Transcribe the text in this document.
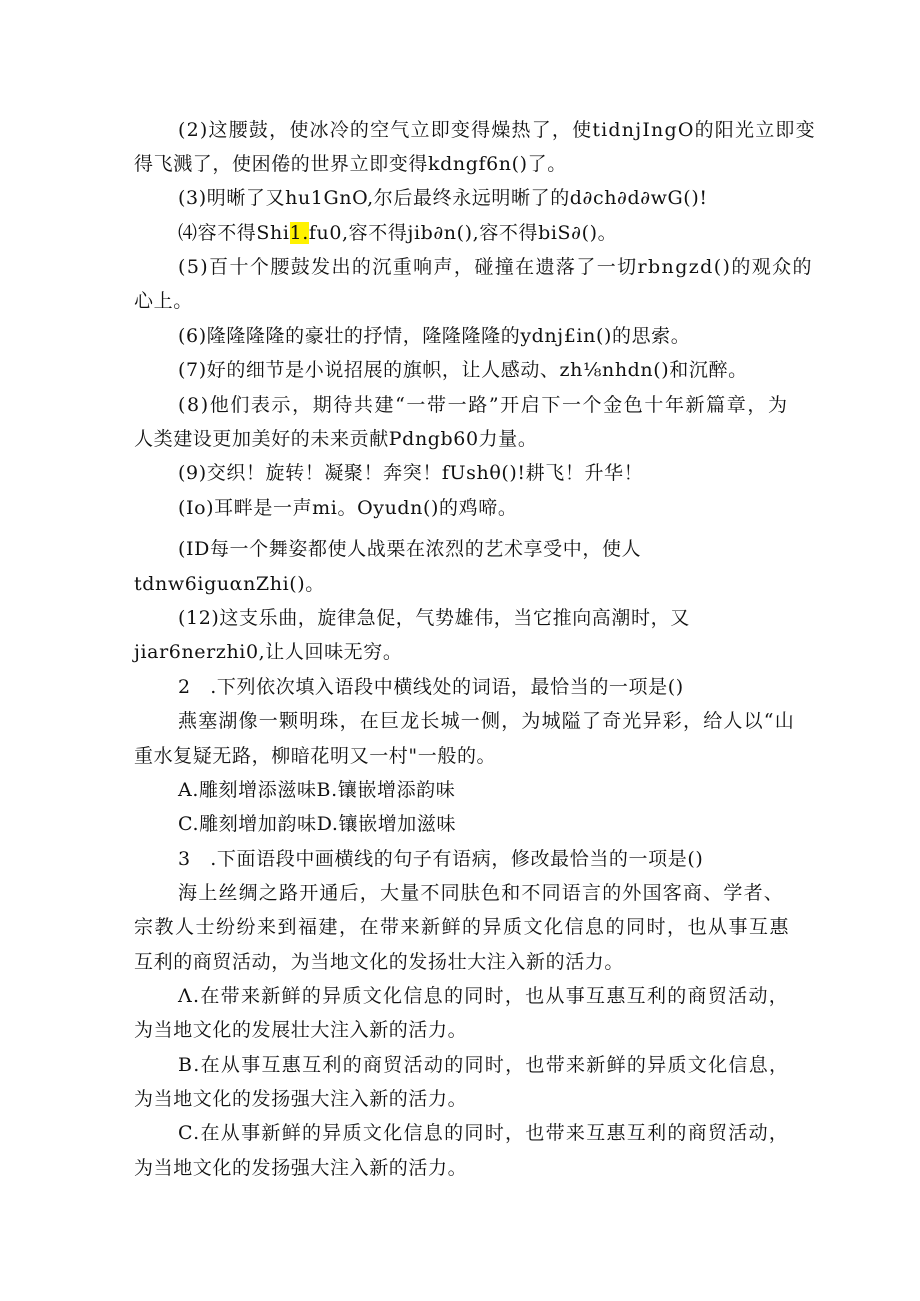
(2)这腰鼓，使冰冷的空气立即变得燥热了，使tidnjIngO的阳光立即变
得飞溅了，使困倦的世界立即变得kdngf6n()了。
(3)明晰了又hu1GnO,尔后最终永远明晰了的d∂ch∂d∂wG()!
⑷容不得Shi1.fu0,容不得jib∂n(),容不得biS∂()。
(5)百十个腰鼓发出的沉重响声，碰撞在遗落了一切rbngzd()的观众的
心上。
(6)隆隆隆隆的豪壮的抒情，隆隆隆隆的ydnj£in()的思索。
(7)好的细节是小说招展的旗帜，让人感动、zh⅛nhdn()和沉醉。
(8)他们表示，期待共建“一带一路”开启下一个金色十年新篇章，为
人类建设更加美好的未来贡献Pdngb60力量。
(9)交织！旋转！凝聚！奔突！fUshθ()!耕飞！升华！
(Io)耳畔是一声mi。Oyudn()的鸡啼。
(ID每一个舞姿都使人战栗在浓烈的艺术享受中，使人
tdnw6iguαnZhi()。
(12)这支乐曲，旋律急促，气势雄伟，当它推向高潮时，又
jiar6nerzhi0,让人回味无穷。
2　.下列依次填入语段中横线处的词语，最恰当的一项是()
燕塞湖像一颗明珠，在巨龙长城一侧，为城隘了奇光异彩，给人以“山
重水复疑无路，柳暗花明又一村"一般的。
A.雕刻增添滋味B.镶嵌增添韵味
C.雕刻增加韵味D.镶嵌增加滋味
3　.下面语段中画横线的句子有语病，修改最恰当的一项是()
海上丝绸之路开通后，大量不同肤色和不同语言的外国客商、学者、
宗教人士纷纷来到福建，在带来新鲜的异质文化信息的同时，也从事互惠
互利的商贸活动，为当地文化的发扬壮大注入新的活力。
Λ.在带来新鲜的异质文化信息的同时，也从事互惠互利的商贸活动，
为当地文化的发展壮大注入新的活力。
B.在从事互惠互利的商贸活动的同时，也带来新鲜的异质文化信息，
为当地文化的发扬强大注入新的活力。
C.在从事新鲜的异质文化信息的同时，也带来互惠互利的商贸活动，
为当地文化的发扬强大注入新的活力。
